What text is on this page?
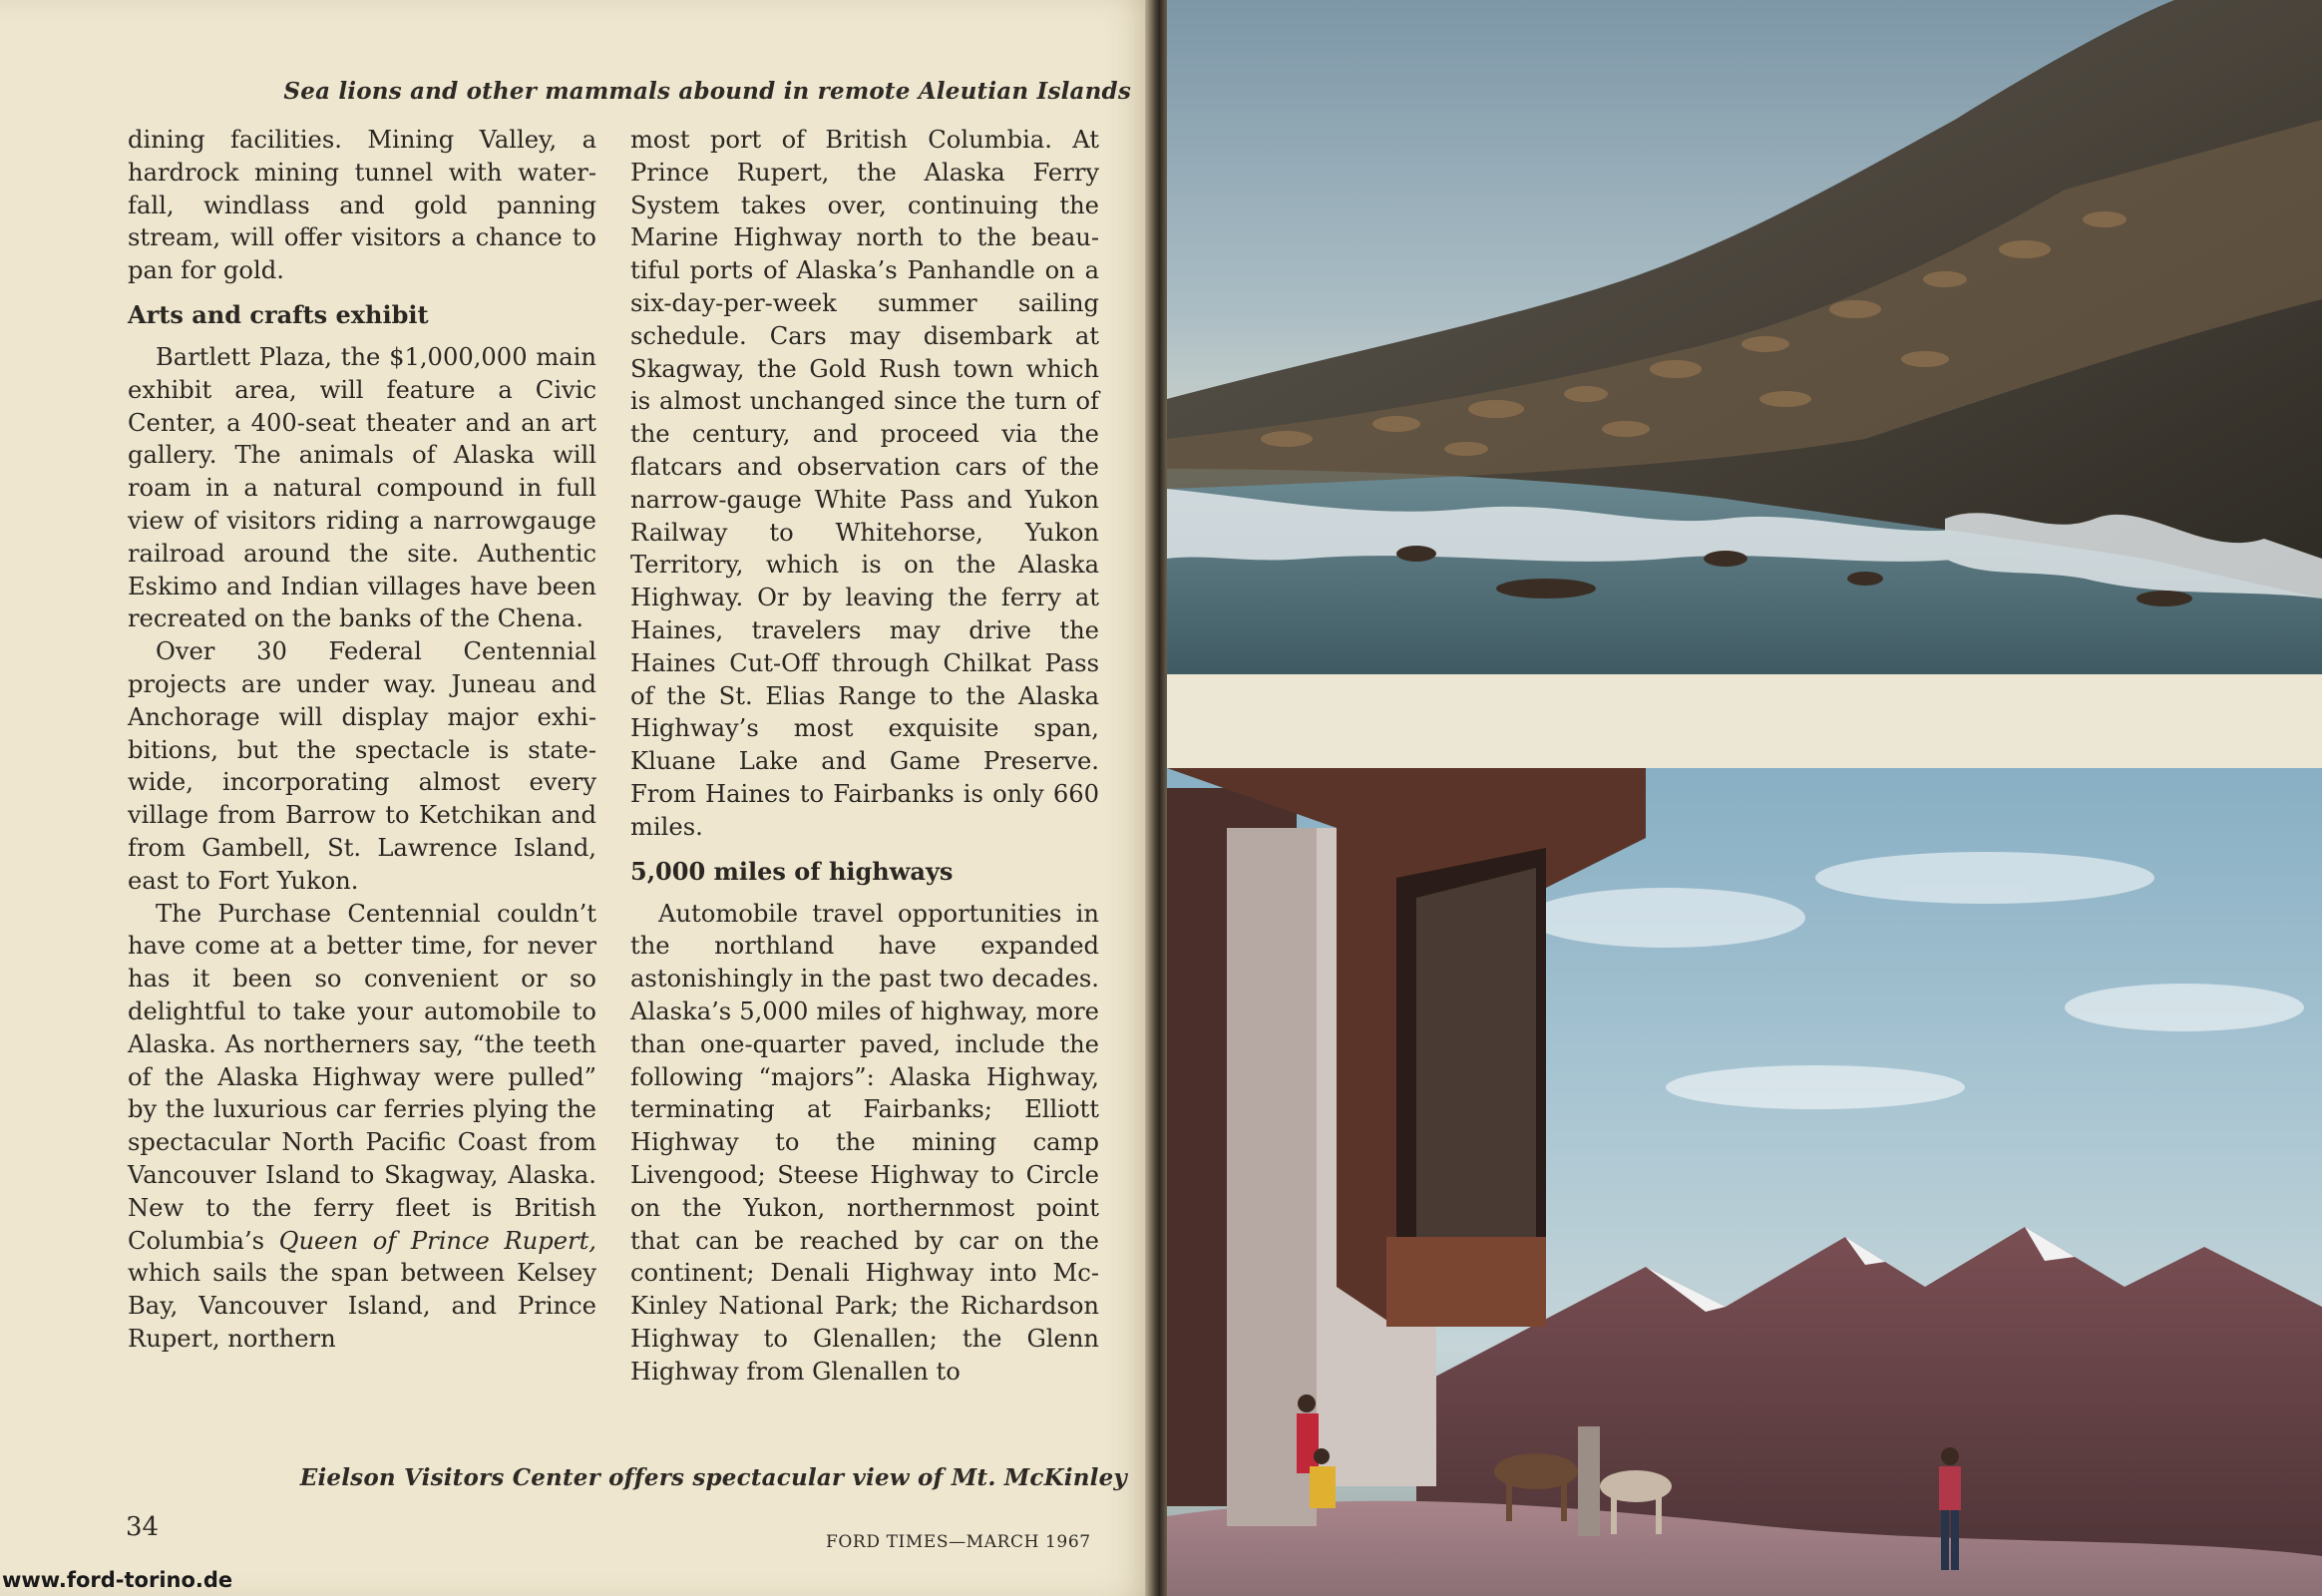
Sea lions and other mammals abound in remote Aleutian Islands

dining facilities. Mining Valley, a hardrock mining tunnel with waterfall, windlass and gold panning stream, will offer visitors a chance to pan for gold.

Arts and crafts exhibit

Bartlett Plaza, the $1,000,000 main exhibit area, will feature a Civic Center, a 400-seat theater and an art gallery. The animals of Alaska will roam in a natural compound in full view of visitors riding a narrowgauge railroad around the site. Authentic Eskimo and Indian villages have been recreated on the banks of the Chena.

Over 30 Federal Centennial projects are under way. Juneau and Anchorage will display major exhibitions, but the spectacle is statewide, incorporating almost every village from Barrow to Ketchikan and from Gambell, St. Lawrence Island, east to Fort Yukon.

The Purchase Centennial couldn’t have come at a better time, for never has it been so convenient or so delightful to take your automobile to Alaska. As northerners say, “the teeth of the Alaska Highway were pulled” by the luxurious car ferries plying the spectacular North Pacific Coast from Vancouver Island to Skagway, Alaska. New to the ferry fleet is British Columbia’s Queen of Prince Rupert, which sails the span between Kelsey Bay, Vancouver Island, and Prince Rupert, northern

most port of British Columbia. At Prince Rupert, the Alaska Ferry System takes over, continuing the Marine Highway north to the beautiful ports of Alaska’s Panhandle on a six-day-per-week summer sailing schedule. Cars may disembark at Skagway, the Gold Rush town which is almost unchanged since the turn of the century, and proceed via the flatcars and observation cars of the narrow-gauge White Pass and Yukon Railway to Whitehorse, Yukon Territory, which is on the Alaska Highway. Or by leaving the ferry at Haines, travelers may drive the Haines Cut-Off through Chilkat Pass of the St. Elias Range to the Alaska Highway’s most exquisite span, Kluane Lake and Game Preserve. From Haines to Fairbanks is only 660 miles.

5,000 miles of highways

Automobile travel opportunities in the northland have expanded astonishingly in the past two decades. Alaska’s 5,000 miles of highway, more than one-quarter paved, include the following “majors”: Alaska Highway, terminating at Fairbanks; Elliott Highway to the mining camp Livengood; Steese Highway to Circle on the Yukon, northernmost point that can be reached by car on the continent; Denali Highway into McKinley National Park; the Richardson Highway to Glenallen; the Glenn Highway from Glenallen to

Eielson Visitors Center offers spectacular view of Mt. McKinley
34	FORD TIMES—MARCH 1967
www.ford-torino.de
